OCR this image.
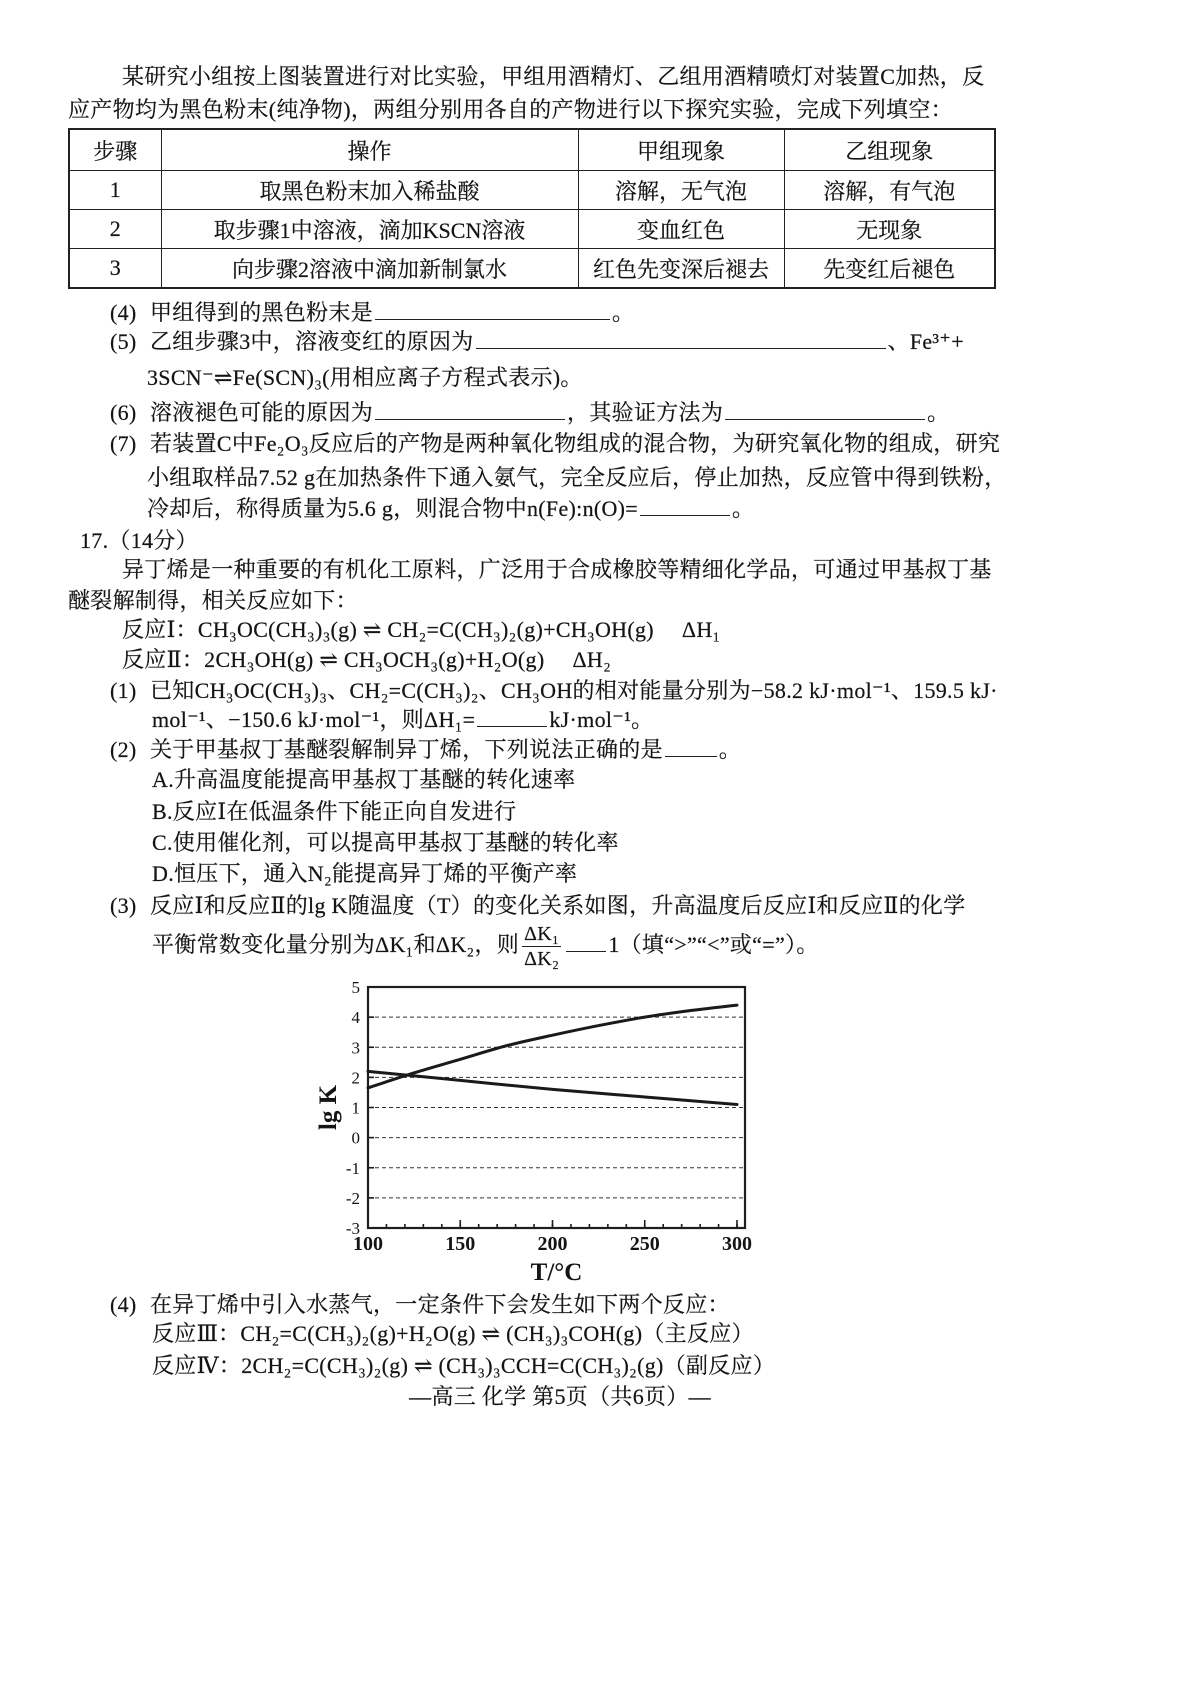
某研究小组按上图装置进行对比实验，甲组用酒精灯、乙组用酒精喷灯对装置C加热，反
应产物均为黑色粉末(纯净物)，两组分别用各自的产物进行以下探究实验，完成下列填空：
步骤	操作	甲组现象	乙组现象
1	取黑色粉末加入稀盐酸	溶解，无气泡	溶解，有气泡
2	取步骤1中溶液，滴加KSCN溶液	变血红色	无现象
3	向步骤2溶液中滴加新制氯水	红色先变深后褪去	先变红后褪色
(4) 甲组得到的黑色粉末是	。
(5) 乙组步骤3中，溶液变红的原因为	、Fe³⁺+
3SCN⁻⇌Fe(SCN)₃(用相应离子方程式表示)。
(6) 溶液褪色可能的原因为	，其验证方法为	。
(7) 若装置C中Fe₂O₃反应后的产物是两种氧化物组成的混合物，为研究氧化物的组成，研究
小组取样品7.52 g在加热条件下通入氨气，完全反应后，停止加热，反应管中得到铁粉，
冷却后，称得质量为5.6 g，则混合物中n(Fe):n(O)=	。
17.（14分）
异丁烯是一种重要的有机化工原料，广泛用于合成橡胶等精细化学品，可通过甲基叔丁基
醚裂解制得，相关反应如下：
反应Ⅰ：CH₃OC(CH₃)₃(g) ⇌ CH₂=C(CH₃)₂(g)+CH₃OH(g) ΔH₁
反应Ⅱ：2CH₃OH(g) ⇌ CH₃OCH₃(g)+H₂O(g) ΔH₂
(1) 已知CH₃OC(CH₃)₃、CH₂=C(CH₃)₂、CH₃OH的相对能量分别为−58.2 kJ·mol⁻¹、159.5 kJ·
mol⁻¹、−150.6 kJ·mol⁻¹，则ΔH₁=	kJ·mol⁻¹。
(2) 关于甲基叔丁基醚裂解制异丁烯，下列说法正确的是	。
A.升高温度能提高甲基叔丁基醚的转化速率
B.反应Ⅰ在低温条件下能正向自发进行
C.使用催化剂，可以提高甲基叔丁基醚的转化率
D.恒压下，通入N₂能提高异丁烯的平衡产率
(3) 反应Ⅰ和反应Ⅱ的lg K随温度（T）的变化关系如图，升高温度后反应Ⅰ和反应Ⅱ的化学
平衡常数变化量分别为ΔK₁和ΔK₂，则 $\frac{\text{ΔK₁}}{\text{ΔK₂}} 1$（填“>”“<”或“=”）。
5
4
3
2
1
0
-1
-2
-3
100	150	200	250	300
T/°C
lg K
(4) 在异丁烯中引入水蒸气，一定条件下会发生如下两个反应：
反应Ⅲ：CH₂=C(CH₃)₂(g)+H₂O(g) ⇌ (CH₃)₃COH(g)（主反应）
反应Ⅳ：2CH₂=C(CH₃)₂(g) ⇌ (CH₃)₃CCH=C(CH₃)₂(g)（副反应）
—高三 化学 第5页（共6页）—
